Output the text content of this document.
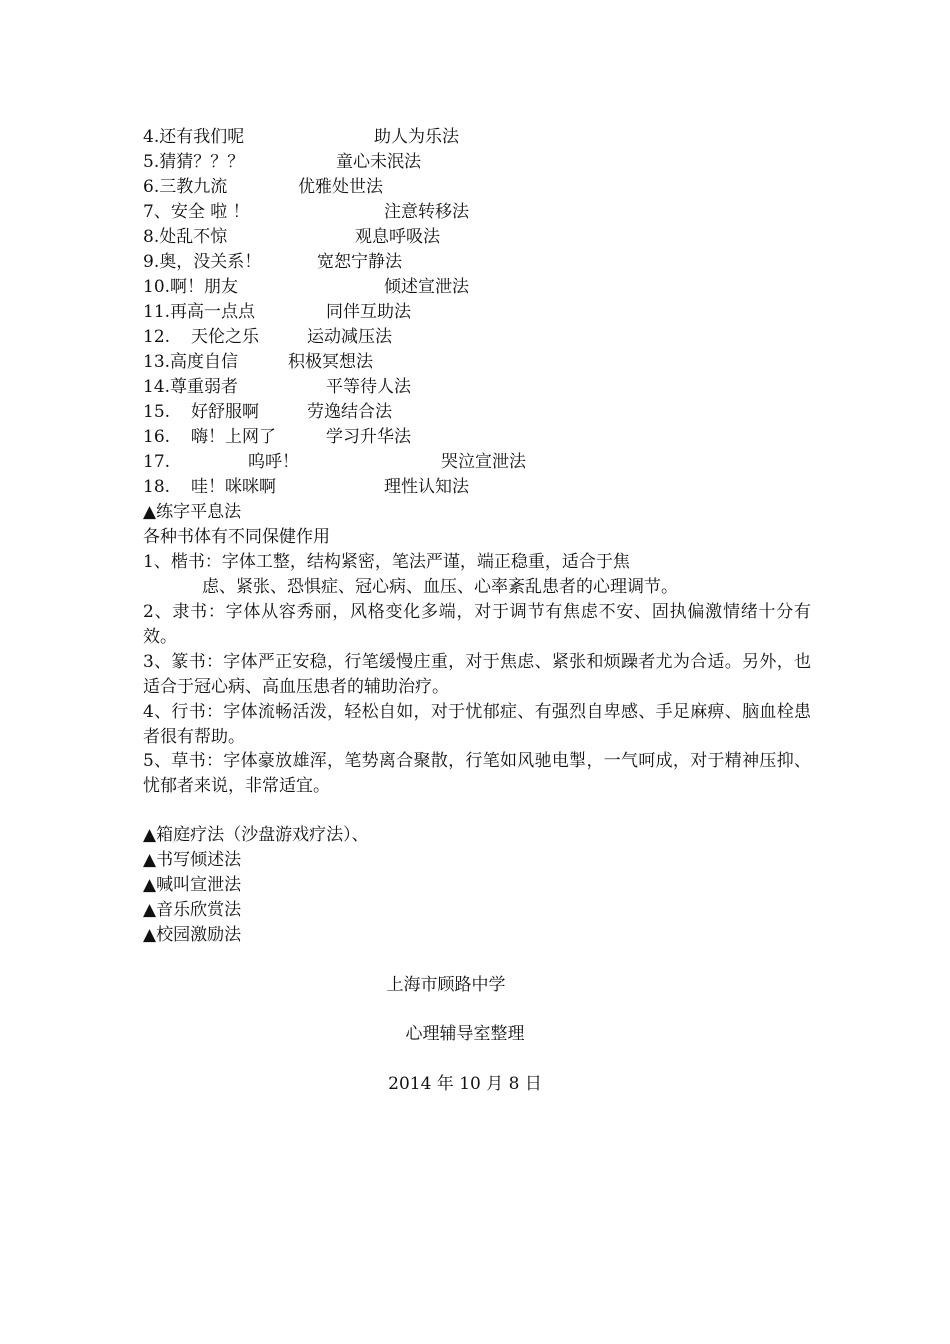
4.还有我们呢	助人为乐法
5.猜猜？？？	童心未泯法
6.三教九流	优雅处世法
7、安全 啦 ！	注意转移法
8.处乱不惊	观息呼吸法
9.奥，没关系！	宽恕宁静法
10.啊！朋友	倾述宣泄法
11.再高一点点	同伴互助法
12. 天伦之乐	运动减压法
13.高度自信	积极冥想法
14.尊重弱者	平等待人法
15. 好舒服啊	劳逸结合法
16. 嗨！上网了	学习升华法
17.	呜呼！	哭泣宣泄法
18. 哇！咪咪啊	理性认知法
▲练字平息法
各种书体有不同保健作用
1、楷书：字体工整，结构紧密，笔法严谨，端正稳重，适合于焦
虑、紧张、恐惧症、冠心病、血压、心率紊乱患者的心理调节。
2、隶书：字体从容秀丽，风格变化多端，对于调节有焦虑不安、固执偏激情绪十分有效。
3、篆书：字体严正安稳，行笔缓慢庄重，对于焦虑、紧张和烦躁者尤为合适。另外，也适合于冠心病、高血压患者的辅助治疗。
4、行书：字体流畅活泼，轻松自如，对于忧郁症、有强烈自卑感、手足麻痹、脑血栓患者很有帮助。
5、草书：字体豪放雄浑，笔势离合聚散，行笔如风驰电掣，一气呵成，对于精神压抑、忧郁者来说，非常适宜。
▲箱庭疗法（沙盘游戏疗法）、
▲书写倾述法
▲喊叫宣泄法
▲音乐欣赏法
▲校园激励法
上海市顾路中学
心理辅导室整理
2014 年 10 月 8 日
